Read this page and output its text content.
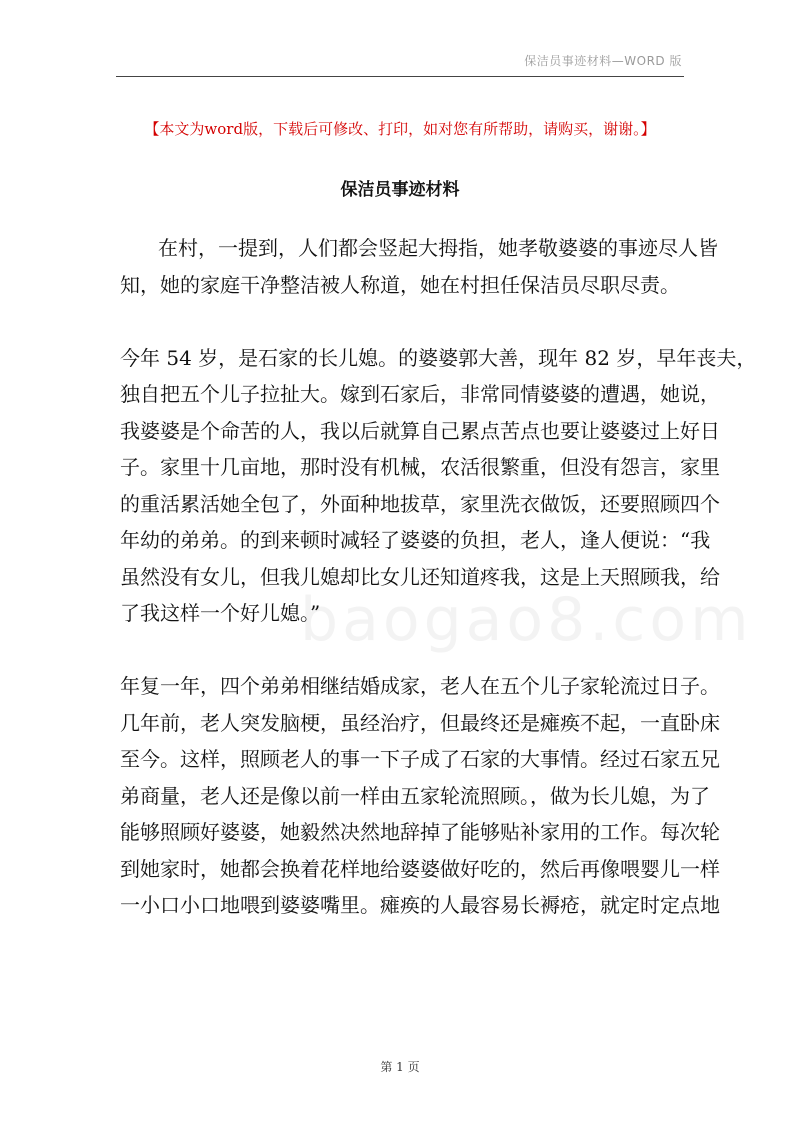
保洁员事迹材料—WORD 版
【本文为word版，下载后可修改、打印，如对您有所帮助，请购买，谢谢。】
保洁员事迹材料
baogao8.com
在村，一提到，人们都会竖起大拇指，她孝敬婆婆的事迹尽人皆
知，她的家庭干净整洁被人称道，她在村担任保洁员尽职尽责。
今年 54 岁，是石家的长儿媳。的婆婆郭大善，现年 82 岁，早年丧夫，
独自把五个儿子拉扯大。嫁到石家后，非常同情婆婆的遭遇，她说，
我婆婆是个命苦的人，我以后就算自己累点苦点也要让婆婆过上好日
子。家里十几亩地，那时没有机械，农活很繁重，但没有怨言，家里
的重活累活她全包了，外面种地拔草，家里洗衣做饭，还要照顾四个
年幼的弟弟。的到来顿时减轻了婆婆的负担，老人，逢人便说：“我
虽然没有女儿，但我儿媳却比女儿还知道疼我，这是上天照顾我，给
了我这样一个好儿媳。”
年复一年，四个弟弟相继结婚成家，老人在五个儿子家轮流过日子。
几年前，老人突发脑梗，虽经治疗，但最终还是瘫痪不起，一直卧床
至今。这样，照顾老人的事一下子成了石家的大事情。经过石家五兄
弟商量，老人还是像以前一样由五家轮流照顾。，做为长儿媳，为了
能够照顾好婆婆，她毅然决然地辞掉了能够贴补家用的工作。每次轮
到她家时，她都会换着花样地给婆婆做好吃的，然后再像喂婴儿一样
一小口小口地喂到婆婆嘴里。瘫痪的人最容易长褥疮，就定时定点地
第 1 页
